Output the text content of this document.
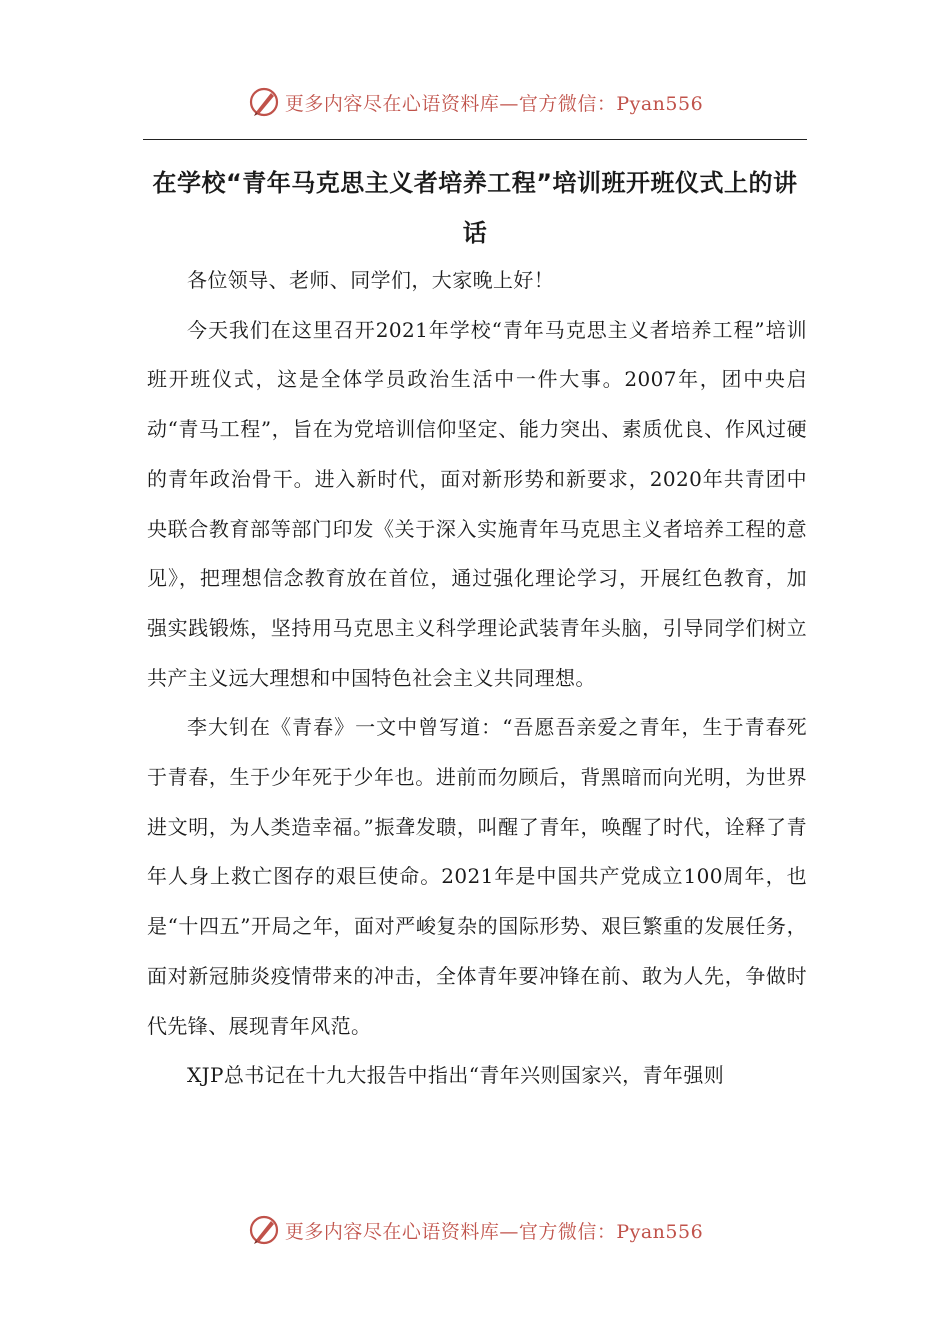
更多内容尽在心语资料库—官方微信：Pyan556
在学校“青年马克思主义者培养工程”培训班开班仪式上的讲话

各位领导、老师、同学们，大家晚上好！

今天我们在这里召开2021年学校“青年马克思主义者培养工程”培训班开班仪式，这是全体学员政治生活中一件大事。2007年，团中央启动“青马工程”，旨在为党培训信仰坚定、能力突出、素质优良、作风过硬的青年政治骨干。进入新时代，面对新形势和新要求，2020年共青团中央联合教育部等部门印发《关于深入实施青年马克思主义者培养工程的意见》，把理想信念教育放在首位，通过强化理论学习，开展红色教育，加强实践锻炼，坚持用马克思主义科学理论武装青年头脑，引导同学们树立共产主义远大理想和中国特色社会主义共同理想。

李大钊在《青春》一文中曾写道：“吾愿吾亲爱之青年，生于青春死于青春，生于少年死于少年也。进前而勿顾后，背黑暗而向光明，为世界进文明，为人类造幸福。”振聋发聩，叫醒了青年，唤醒了时代，诠释了青年人身上救亡图存的艰巨使命。2021年是中国共产党成立100周年，也是“十四五”开局之年，面对严峻复杂的国际形势、艰巨繁重的发展任务，面对新冠肺炎疫情带来的冲击，全体青年要冲锋在前、敢为人先，争做时代先锋、展现青年风范。

XJP总书记在十九大报告中指出“青年兴则国家兴，青年强则

更多内容尽在心语资料库—官方微信：Pyan556
